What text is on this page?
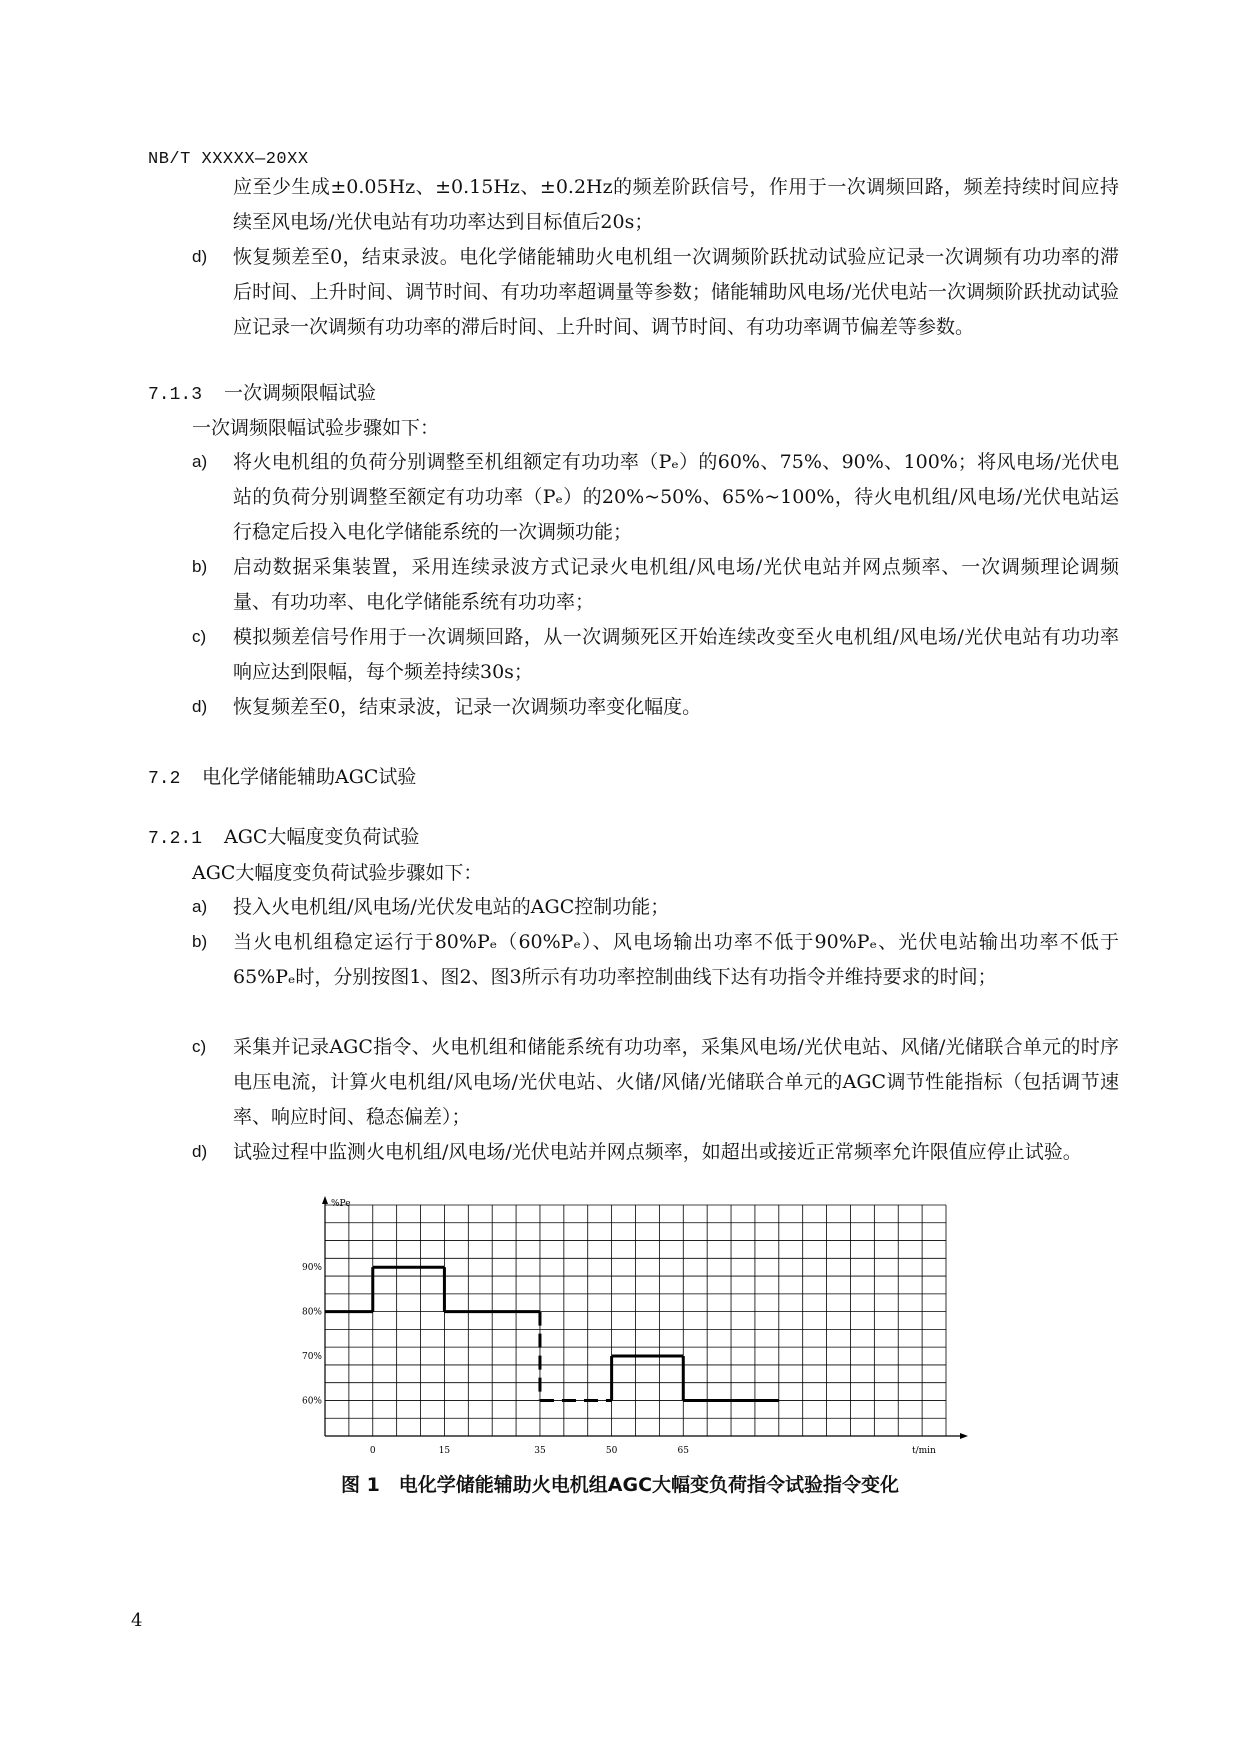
NB/T XXXXX—20XX
应至少生成±0.05Hz、±0.15Hz、±0.2Hz的频差阶跃信号，作用于一次调频回路，频差持续时间应持续至风电场/光伏电站有功功率达到目标值后20s；
d) 恢复频差至0，结束录波。电化学储能辅助火电机组一次调频阶跃扰动试验应记录一次调频有功功率的滞后时间、上升时间、调节时间、有功功率超调量等参数；储能辅助风电场/光伏电站一次调频阶跃扰动试验应记录一次调频有功功率的滞后时间、上升时间、调节时间、有功功率调节偏差等参数。
7.1.3 一次调频限幅试验
一次调频限幅试验步骤如下：
a) 将火电机组的负荷分别调整至机组额定有功功率（Pₑ）的60%、75%、90%、100%；将风电场/光伏电站的负荷分别调整至额定有功功率（Pₑ）的20%~50%、65%~100%，待火电机组/风电场/光伏电站运行稳定后投入电化学储能系统的一次调频功能；
b) 启动数据采集装置，采用连续录波方式记录火电机组/风电场/光伏电站并网点频率、一次调频理论调频量、有功功率、电化学储能系统有功功率；
c) 模拟频差信号作用于一次调频回路，从一次调频死区开始连续改变至火电机组/风电场/光伏电站有功功率响应达到限幅，每个频差持续30s；
d) 恢复频差至0，结束录波，记录一次调频功率变化幅度。
7.2 电化学储能辅助AGC试验
7.2.1 AGC大幅度变负荷试验
AGC大幅度变负荷试验步骤如下：
a) 投入火电机组/风电场/光伏发电站的AGC控制功能；
b) 当火电机组稳定运行于80%Pₑ（60%Pₑ）、风电场输出功率不低于90%Pₑ、光伏电站输出功率不低于65%Pₑ时，分别按图1、图2、图3所示有功功率控制曲线下达有功指令并维持要求的时间；
c) 采集并记录AGC指令、火电机组和储能系统有功功率，采集风电场/光伏电站、风储/光储联合单元的时序电压电流，计算火电机组/风电场/光伏电站、火储/风储/光储联合单元的AGC调节性能指标（包括调节速率、响应时间、稳态偏差）；
d) 试验过程中监测火电机组/风电场/光伏电站并网点频率，如超出或接近正常频率允许限值应停止试验。
%Pe
t/min
0	15	35	50	65
60%
70%
80%
90%
图 1　电化学储能辅助火电机组AGC大幅变负荷指令试验指令变化
4
